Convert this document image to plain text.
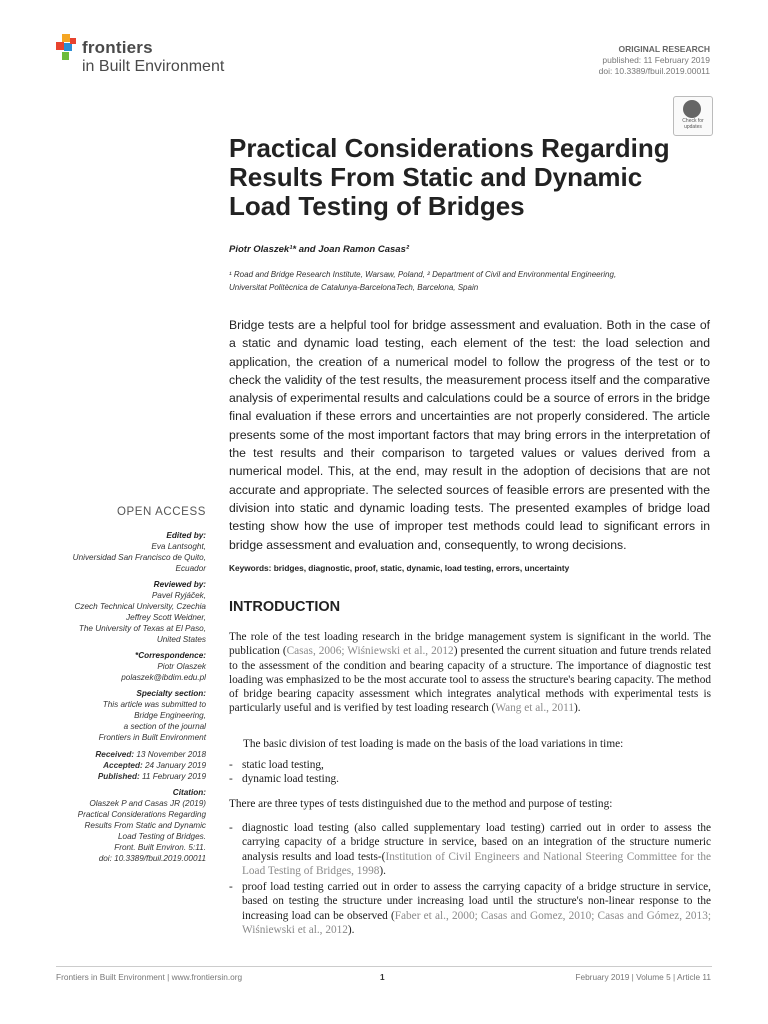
frontiers
in Built Environment
ORIGINAL RESEARCH
published: 11 February 2019
doi: 10.3389/fbuil.2019.00011
Check for updates
Practical Considerations Regarding Results From Static and Dynamic Load Testing of Bridges
Piotr Olaszek¹* and Joan Ramon Casas²
¹ Road and Bridge Research Institute, Warsaw, Poland, ² Department of Civil and Environmental Engineering,
Universitat Politècnica de Catalunya-BarcelonaTech, Barcelona, Spain
Bridge tests are a helpful tool for bridge assessment and evaluation. Both in the case of a static and dynamic load testing, each element of the test: the load selection and application, the creation of a numerical model to follow the progress of the test or to check the validity of the test results, the measurement process itself and the comparative analysis of experimental results and calculations could be a source of errors in the bridge final evaluation if these errors and uncertainties are not properly considered. The article presents some of the most important factors that may bring errors in the interpretation of the test results and their comparison to targeted values or values derived from a numerical model. This, at the end, may result in the adoption of decisions that are not accurate and appropriate. The selected sources of feasible errors are presented with the division into static and dynamic loading tests. The presented examples of bridge load testing show how the use of improper test methods could lead to significant errors in bridge assessment and evaluation and, consequently, to wrong decisions.
Keywords: bridges, diagnostic, proof, static, dynamic, load testing, errors, uncertainty
INTRODUCTION
The role of the test loading research in the bridge management system is significant in the world. The publication (Casas, 2006; Wiśniewski et al., 2012) presented the current situation and future trends related to the assessment of the condition and bearing capacity of a structure. The importance of diagnostic test loading was emphasized to be the most accurate tool to assess the structure's bearing capacity. The method of bridge bearing capacity assessment which integrates analytical methods with experimental tests is particularly useful and is verified by test loading research (Wang et al., 2011).
The basic division of test loading is made on the basis of the load variations in time:
- static load testing,
- dynamic load testing.
There are three types of tests distinguished due to the method and purpose of testing:
- diagnostic load testing (also called supplementary load testing) carried out in order to assess the carrying capacity of a bridge structure in service, based on an integration of the structure numeric analysis results and load tests-(Institution of Civil Engineers and National Steering Committee for the Load Testing of Bridges, 1998).
- proof load testing carried out in order to assess the carrying capacity of a bridge structure in service, based on testing the structure under increasing load until the structure's non-linear response to the increasing load can be observed (Faber et al., 2000; Casas and Gomez, 2010; Casas and Gómez, 2013; Wiśniewski et al., 2012).
OPEN ACCESS
Edited by:
Eva Lantsoght,
Universidad San Francisco de Quito,
Ecuador
Reviewed by:
Pavel Ryjáček,
Czech Technical University, Czechia
Jeffrey Scott Weidner,
The University of Texas at El Paso,
United States
*Correspondence:
Piotr Olaszek
polaszek@ibdim.edu.pl
Specialty section:
This article was submitted to
Bridge Engineering,
a section of the journal
Frontiers in Built Environment
Received: 13 November 2018
Accepted: 24 January 2019
Published: 11 February 2019
Citation:
Olaszek P and Casas JR (2019)
Practical Considerations Regarding
Results From Static and Dynamic
Load Testing of Bridges.
Front. Built Environ. 5:11.
doi: 10.3389/fbuil.2019.00011
Frontiers in Built Environment | www.frontiersin.org	1	February 2019 | Volume 5 | Article 11
